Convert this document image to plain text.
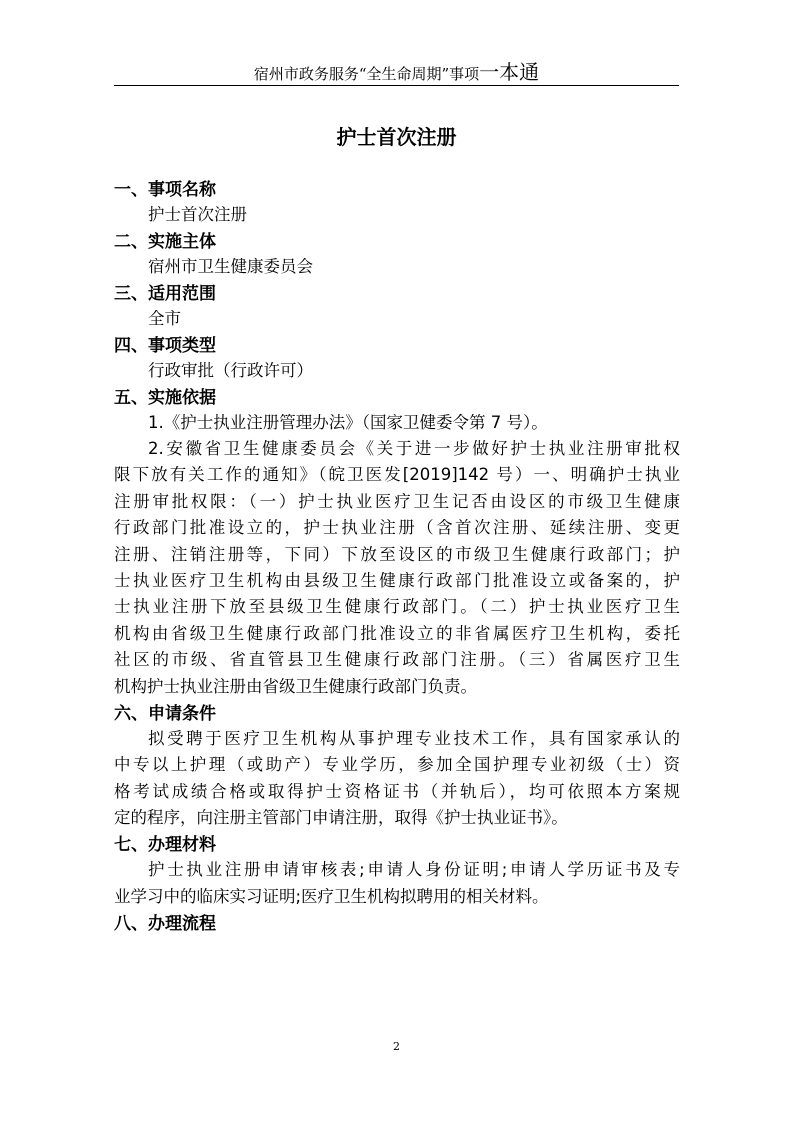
宿州市政务服务“全生命周期”事项一本通
护士首次注册
一、事项名称
护士首次注册
二、实施主体
宿州市卫生健康委员会
三、适用范围
全市
四、事项类型
行政审批（行政许可）
五、实施依据
1.《护士执业注册管理办法》（国家卫健委令第 7 号）。
2.安徽省卫生健康委员会《关于进一步做好护士执业注册审批权
限下放有关工作的通知》（皖卫医发[2019]142 号）一、明确护士执业
注册审批权限：（一）护士执业医疗卫生记否由设区的市级卫生健康
行政部门批准设立的，护士执业注册（含首次注册、延续注册、变更
注册、注销注册等，下同）下放至设区的市级卫生健康行政部门；护
士执业医疗卫生机构由县级卫生健康行政部门批准设立或备案的，护
士执业注册下放至县级卫生健康行政部门。（二）护士执业医疗卫生
机构由省级卫生健康行政部门批准设立的非省属医疗卫生机构，委托
社区的市级、省直管县卫生健康行政部门注册。（三）省属医疗卫生
机构护士执业注册由省级卫生健康行政部门负责。
六、申请条件
拟受聘于医疗卫生机构从事护理专业技术工作，具有国家承认的
中专以上护理（或助产）专业学历，参加全国护理专业初级（士）资
格考试成绩合格或取得护士资格证书（并轨后），均可依照本方案规
定的程序，向注册主管部门申请注册，取得《护士执业证书》。
七、办理材料
护士执业注册申请审核表;申请人身份证明;申请人学历证书及专
业学习中的临床实习证明;医疗卫生机构拟聘用的相关材料。
八、办理流程
2
